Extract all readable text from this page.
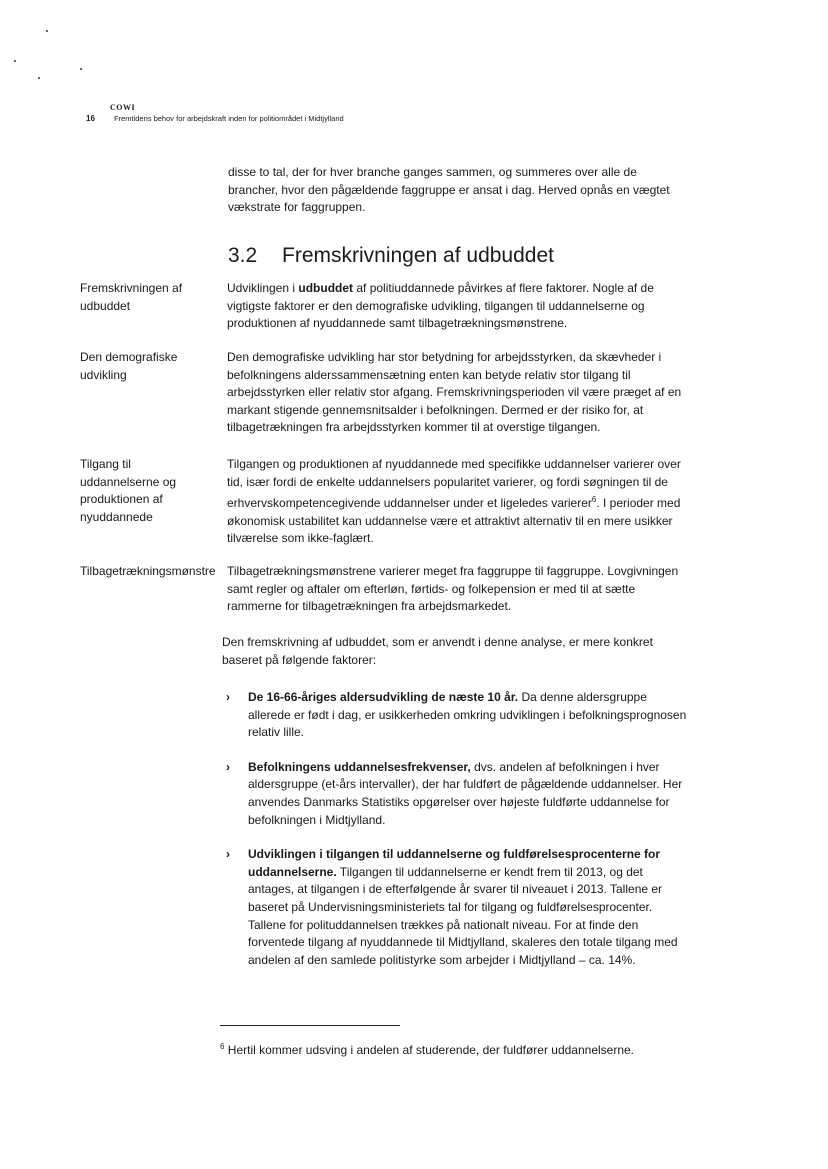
COWI
16	Fremtidens behov for arbejdskraft inden for politiområdet i Midtjylland

disse to tal, der for hver branche ganges sammen, og summeres over alle de brancher, hvor den pågældende faggruppe er ansat i dag. Herved opnås en vægtet vækstrate for faggruppen.

3.2 Fremskrivningen af udbuddet
Fremskrivningen af udbuddet

Udviklingen i udbuddet af politiuddannede påvirkes af flere faktorer. Nogle af de vigtigste faktorer er den demografiske udvikling, tilgangen til uddannelserne og produktionen af nyuddannede samt tilbagetrækningsmønstrene.

Den demografiske udvikling

Den demografiske udvikling har stor betydning for arbejdsstyrken, da skævheder i befolkningens alderssammensætning enten kan betyde relativ stor tilgang til arbejdsstyrken eller relativ stor afgang. Fremskrivningsperioden vil være præget af en markant stigende gennemsnitsalder i befolkningen. Dermed er der risiko for, at tilbagetrækningen fra arbejdsstyrken kommer til at overstige tilgangen.

Tilgang til uddannelserne og produktionen af nyuddannede

Tilgangen og produktionen af nyuddannede med specifikke uddannelser varierer over tid, især fordi de enkelte uddannelsers popularitet varierer, og fordi søgningen til de erhvervskompetencegivende uddannelser under et ligeledes varierer$^6$. I perioder med økonomisk ustabilitet kan uddannelse være et attraktivt alternativ til en mere usikker tilværelse som ikke-faglært.

Tilbagetrækningsmønstre Tilbagetrækningsmønstrene varierer meget fra faggruppe til faggruppe. Lovgivningen samt regler og aftaler om efterløn, førtids- og folkepension er med til at sætte rammerne for tilbagetrækningen fra arbejdsmarkedet.

Den fremskrivning af udbuddet, som er anvendt i denne analyse, er mere konkret baseret på følgende faktorer:

› De 16-66-åriges aldersudvikling de næste 10 år. Da denne aldersgruppe allerede er født i dag, er usikkerheden omkring udviklingen i befolkningsprognosen relativ lille.
› Befolkningens uddannelsesfrekvenser, dvs. andelen af befolkningen i hver aldersgruppe (et-års intervaller), der har fuldført de pågældende uddannelser. Her anvendes Danmarks Statistiks opgørelser over højeste fuldførte uddannelse for befolkningen i Midtjylland.
› Udviklingen i tilgangen til uddannelserne og fuldførelsesprocenterne for uddannelserne. Tilgangen til uddannelserne er kendt frem til 2013, og det antages, at tilgangen i de efterfølgende år svarer til niveauet i 2013. Tallene er baseret på Undervisningsministeriets tal for tilgang og fuldførelsesprocenter. Tallene for polituddannelsen trækkes på nationalt niveau. For at finde den forventede tilgang af nyuddannede til Midtjylland, skaleres den totale tilgang med andelen af den samlede politistyrke som arbejder i Midtjylland – ca. 14%.
$^6$ Hertil kommer udsving i andelen af studerende, der fuldfører uddannelserne.
